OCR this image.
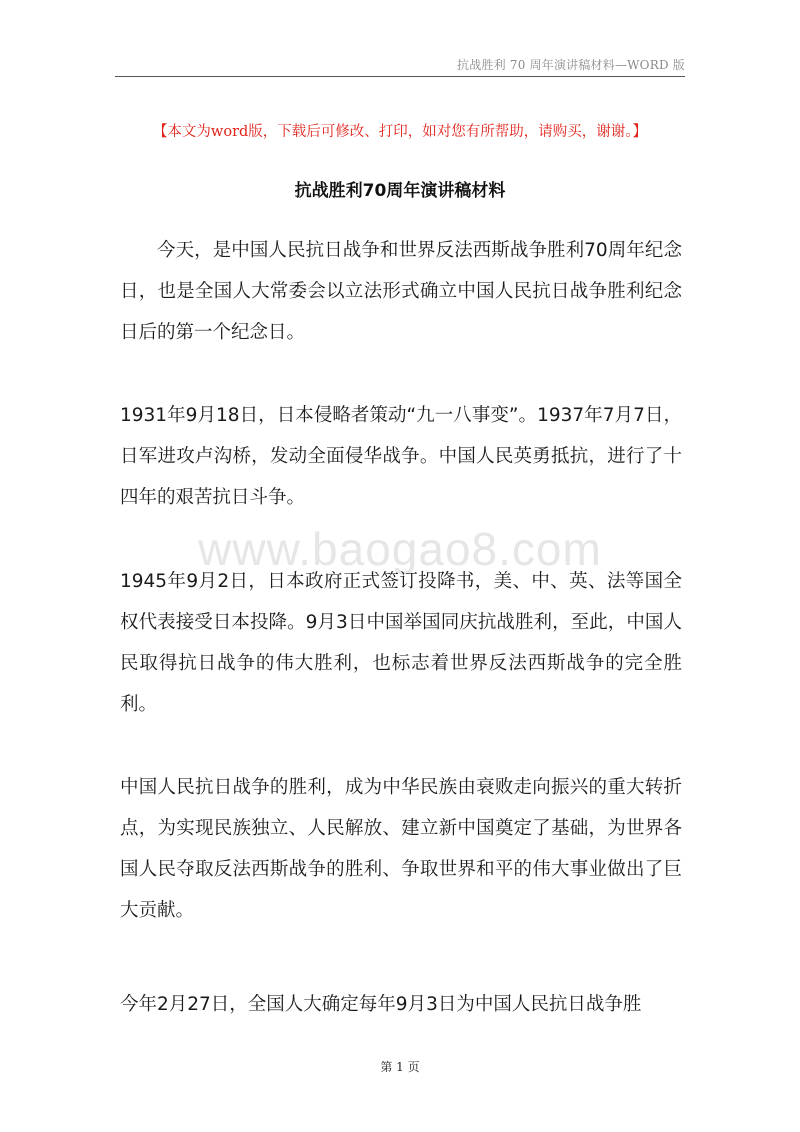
抗战胜利 70 周年演讲稿材料—WORD 版
【本文为word版，下载后可修改、打印，如对您有所帮助，请购买，谢谢。】
抗战胜利70周年演讲稿材料
www.baogao8.com

今天，是中国人民抗日战争和世界反法西斯战争胜利70周年纪念日，也是全国人大常委会以立法形式确立中国人民抗日战争胜利纪念日后的第一个纪念日。

1931年9月18日，日本侵略者策动“九一八事变”。1937年7月7日，日军进攻卢沟桥，发动全面侵华战争。中国人民英勇抵抗，进行了十四年的艰苦抗日斗争。

1945年9月2日，日本政府正式签订投降书，美、中、英、法等国全权代表接受日本投降。9月3日中国举国同庆抗战胜利，至此，中国人民取得抗日战争的伟大胜利，也标志着世界反法西斯战争的完全胜利。

中国人民抗日战争的胜利，成为中华民族由衰败走向振兴的重大转折点，为实现民族独立、人民解放、建立新中国奠定了基础，为世界各国人民夺取反法西斯战争的胜利、争取世界和平的伟大事业做出了巨大贡献。

今年2月27日，全国人大确定每年9月3日为中国人民抗日战争胜

第 1 页
